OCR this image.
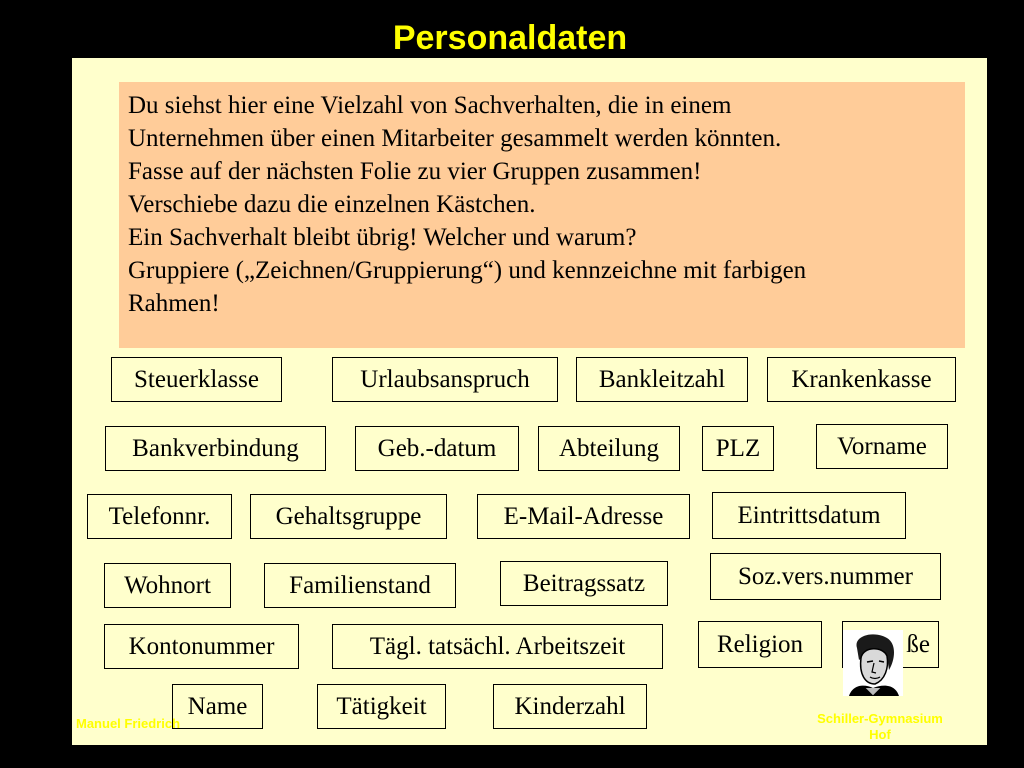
Personaldaten
Du siehst hier eine Vielzahl von Sachverhalten, die in einem
Unternehmen über einen Mitarbeiter gesammelt werden könnten.
Fasse auf der nächsten Folie zu vier Gruppen zusammen!
Verschiebe dazu die einzelnen Kästchen.
Ein Sachverhalt bleibt übrig! Welcher und warum?
Gruppiere („Zeichnen/Gruppierung“) und kennzeichne mit farbigen
Rahmen!
Steuerklasse	Urlaubsanspruch	Bankleitzahl	Krankenkasse
Bankverbindung	Geb.-datum	Abteilung	PLZ	Vorname
Telefonnr.	Gehaltsgruppe	E-Mail-Adresse	Eintrittsdatum
Wohnort	Familienstand	Beitragssatz	Soz.vers.nummer
Kontonummer	Tägl. tatsächl. Arbeitszeit	Religion	ße
Name	Tätigkeit	Kinderzahl
Manuel Friedrich	Schiller-Gymnasium
Hof
